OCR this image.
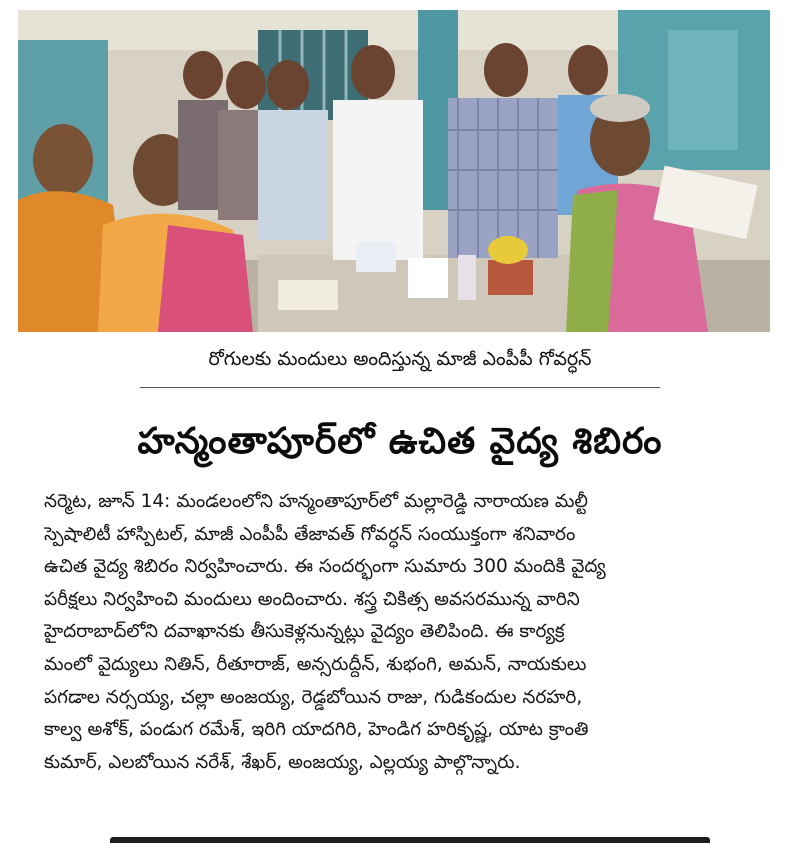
రోగులకు మందులు అందిస్తున్న మాజీ ఎంపీపీ గోవర్ధన్
హన్మంతాపూర్‌లో ఉచిత వైద్య శిబిరం
నర్మెట, జూన్ 14: మండలంలోని హన్మంతాపూర్‌లో మల్లారెడ్డి నారాయణ మల్టీ
స్పెషాలిటీ హాస్పిటల్, మాజీ ఎంపీపీ తేజావత్ గోవర్ధన్ సంయుక్తంగా శనివారం
ఉచిత వైద్య శిబిరం నిర్వహించారు. ఈ సందర్భంగా సుమారు 300 మందికి వైద్య
పరీక్షలు నిర్వహించి మందులు అందించారు. శస్త్ర చికిత్స అవసరమున్న వారిని
హైదరాబాద్‌లోని దవాఖానకు తీసుకెళ్లనున్నట్లు వైద్యం తెలిపింది. ఈ కార్యక్ర
మంలో వైద్యులు నితిన్, రీతూరాజ్, అన్సరుద్దీన్, శుభంగి, అమన్, నాయకులు
పగడాల నర్సయ్య, చల్లా అంజయ్య, రెడ్డబోయిన రాజు, గుడికందుల నరహరి,
కాల్వ అశోక్, పండుగ రమేశ్, ఇరిగి యాదగిరి, హెండిగ హరికృష్ణ, యాట క్రాంతి
కుమార్, ఎలబోయిన నరేశ్, శేఖర్, అంజయ్య, ఎల్లయ్య పాల్గొన్నారు.
